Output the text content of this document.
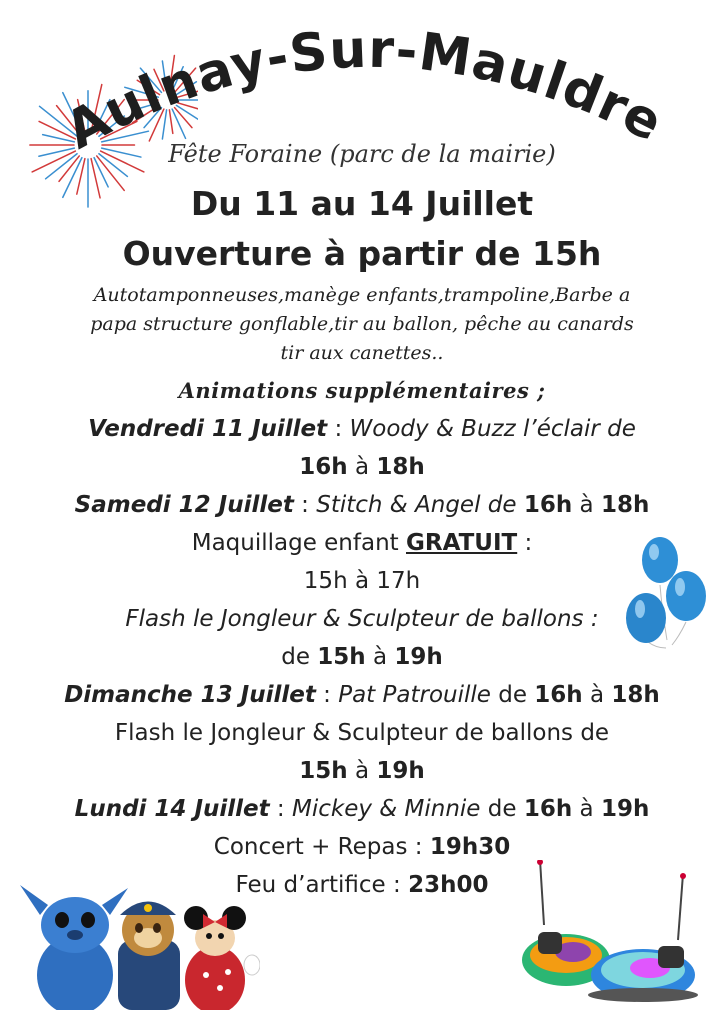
Aulnay-Sur-Mauldre
Fête Foraine (parc de la mairie)
Du 11 au 14 Juillet
Ouverture à partir de 15h
Autotamponneuses,manège enfants,trampoline,Barbe a
papa structure gonflable,tir au ballon, pêche au canards
tir aux canettes..
Animations supplémentaires ;
Vendredi 11 Juillet : Woody & Buzz l’éclair de
16h à 18h
Samedi 12 Juillet : Stitch & Angel de 16h à 18h
Maquillage enfant GRATUIT :
15h à 17h
Flash le Jongleur & Sculpteur de ballons :
de 15h à 19h
Dimanche 13 Juillet : Pat Patrouille de 16h à 18h
Flash le Jongleur & Sculpteur de ballons de
15h à 19h
Lundi 14 Juillet : Mickey & Minnie de 16h à 19h
Concert + Repas : 19h30
Feu d’artifice : 23h00
